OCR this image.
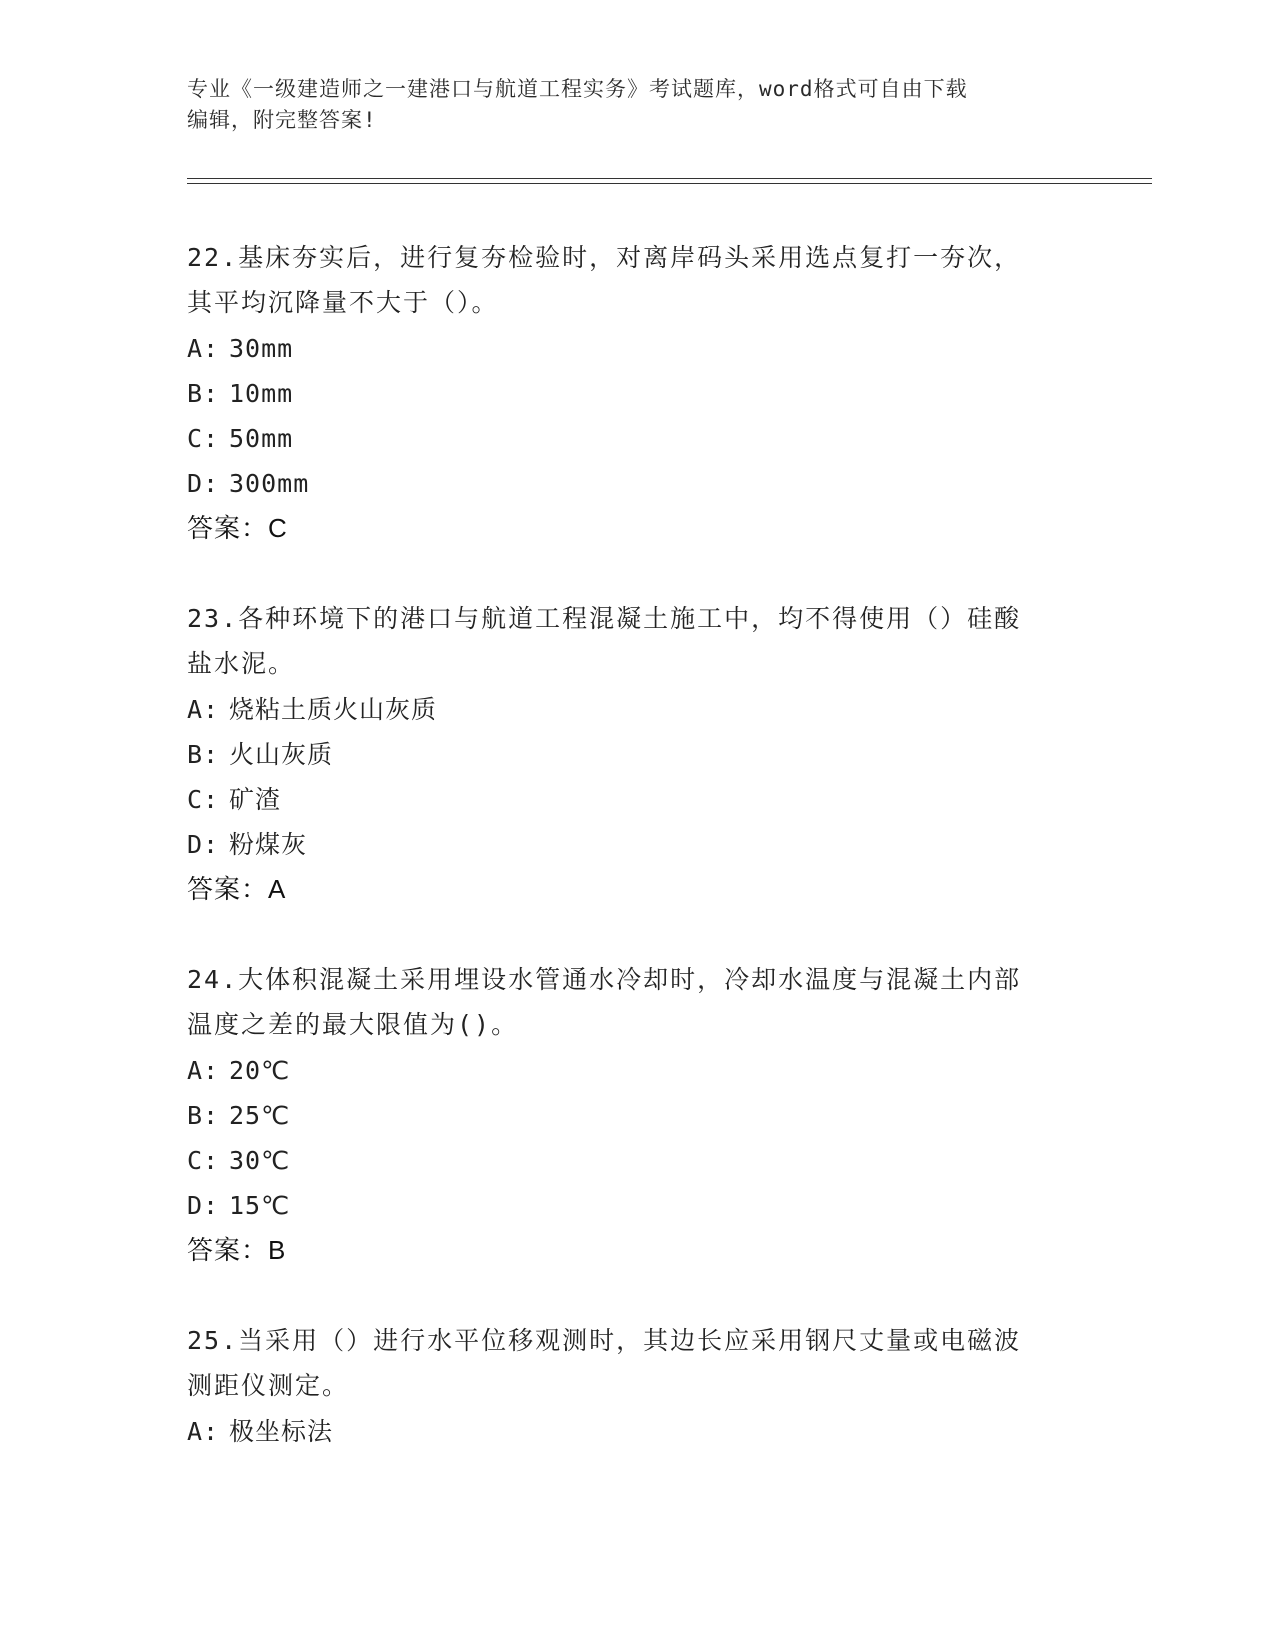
专业《一级建造师之一建港口与航道工程实务》考试题库，word格式可自由下载
编辑，附完整答案!
22.基床夯实后，进行复夯检验时，对离岸码头采用选点复打一夯次，
其平均沉降量不大于（）。
A: 30mm
B: 10mm
C: 50mm
D: 300mm
答案：C
23.各种环境下的港口与航道工程混凝土施工中，均不得使用（）硅酸
盐水泥。
A: 烧粘土质火山灰质
B: 火山灰质
C: 矿渣
D: 粉煤灰
答案：A
24.大体积混凝土采用埋设水管通水冷却时，冷却水温度与混凝土内部
温度之差的最大限值为()。
A: 20℃
B: 25℃
C: 30℃
D: 15℃
答案：B
25.当采用（）进行水平位移观测时，其边长应采用钢尺丈量或电磁波
测距仪测定。
A: 极坐标法
